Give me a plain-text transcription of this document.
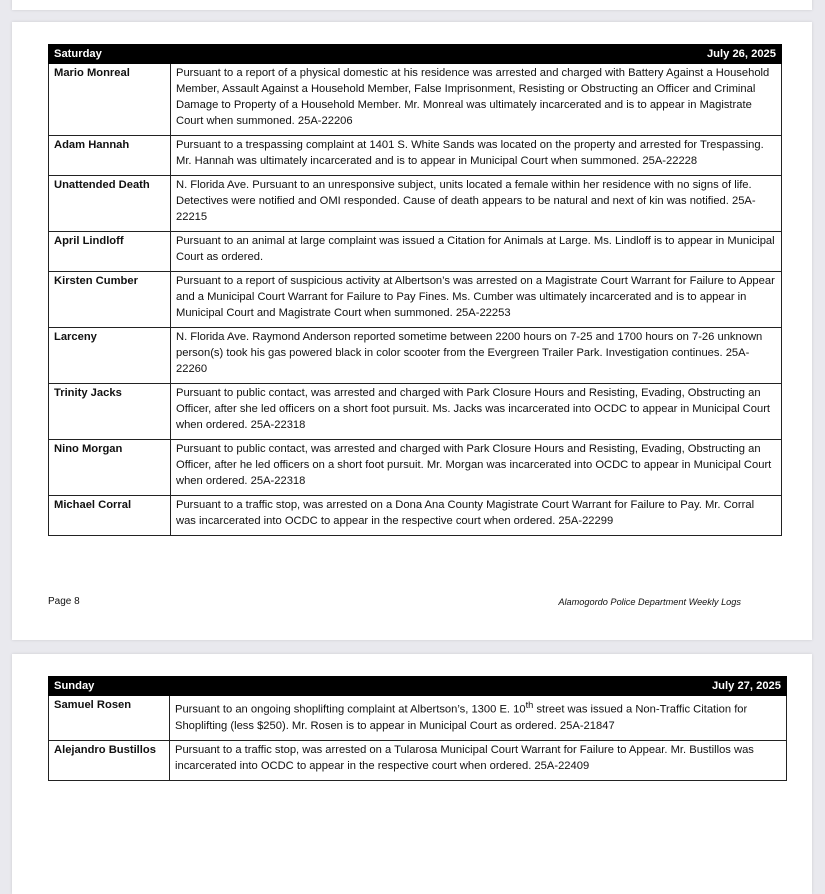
Saturday	July 26, 2025
Mario Monreal	Pursuant to a report of a physical domestic at his residence was arrested and charged with Battery Against a Household Member, Assault Against a Household Member, False Imprisonment, Resisting or Obstructing an Officer and Criminal Damage to Property of a Household Member. Mr. Monreal was ultimately incarcerated and is to appear in Magistrate Court when summoned. 25A-22206
Adam Hannah	Pursuant to a trespassing complaint at 1401 S. White Sands was located on the property and arrested for Trespassing. Mr. Hannah was ultimately incarcerated and is to appear in Municipal Court when summoned. 25A-22228
Unattended Death	N. Florida Ave. Pursuant to an unresponsive subject, units located a female within her residence with no signs of life. Detectives were notified and OMI responded. Cause of death appears to be natural and next of kin was notified. 25A-22215
April Lindloff	Pursuant to an animal at large complaint was issued a Citation for Animals at Large. Ms. Lindloff is to appear in Municipal Court as ordered.
Kirsten Cumber	Pursuant to a report of suspicious activity at Albertson’s was arrested on a Magistrate Court Warrant for Failure to Appear and a Municipal Court Warrant for Failure to Pay Fines. Ms. Cumber was ultimately incarcerated and is to appear in Municipal Court and Magistrate Court when summoned. 25A-22253
Larceny	N. Florida Ave. Raymond Anderson reported sometime between 2200 hours on 7-25 and 1700 hours on 7-26 unknown person(s) took his gas powered black in color scooter from the Evergreen Trailer Park. Investigation continues. 25A-22260
Trinity Jacks	Pursuant to public contact, was arrested and charged with Park Closure Hours and Resisting, Evading, Obstructing an Officer, after she led officers on a short foot pursuit. Ms. Jacks was incarcerated into OCDC to appear in Municipal Court when ordered. 25A-22318
Nino Morgan	Pursuant to public contact, was arrested and charged with Park Closure Hours and Resisting, Evading, Obstructing an Officer, after he led officers on a short foot pursuit. Mr. Morgan was incarcerated into OCDC to appear in Municipal Court when ordered. 25A-22318
Michael Corral	Pursuant to a traffic stop, was arrested on a Dona Ana County Magistrate Court Warrant for Failure to Pay. Mr. Corral was incarcerated into OCDC to appear in the respective court when ordered. 25A-22299
Page 8	Alamogordo Police Department Weekly Logs
Sunday	July 27, 2025
Samuel Rosen	Pursuant to an ongoing shoplifting complaint at Albertson’s, 1300 E. 10th street was issued a Non-Traffic Citation for Shoplifting (less $250). Mr. Rosen is to appear in Municipal Court as ordered. 25A-21847
Alejandro Bustillos	Pursuant to a traffic stop, was arrested on a Tularosa Municipal Court Warrant for Failure to Appear. Mr. Bustillos was incarcerated into OCDC to appear in the respective court when ordered. 25A-22409
